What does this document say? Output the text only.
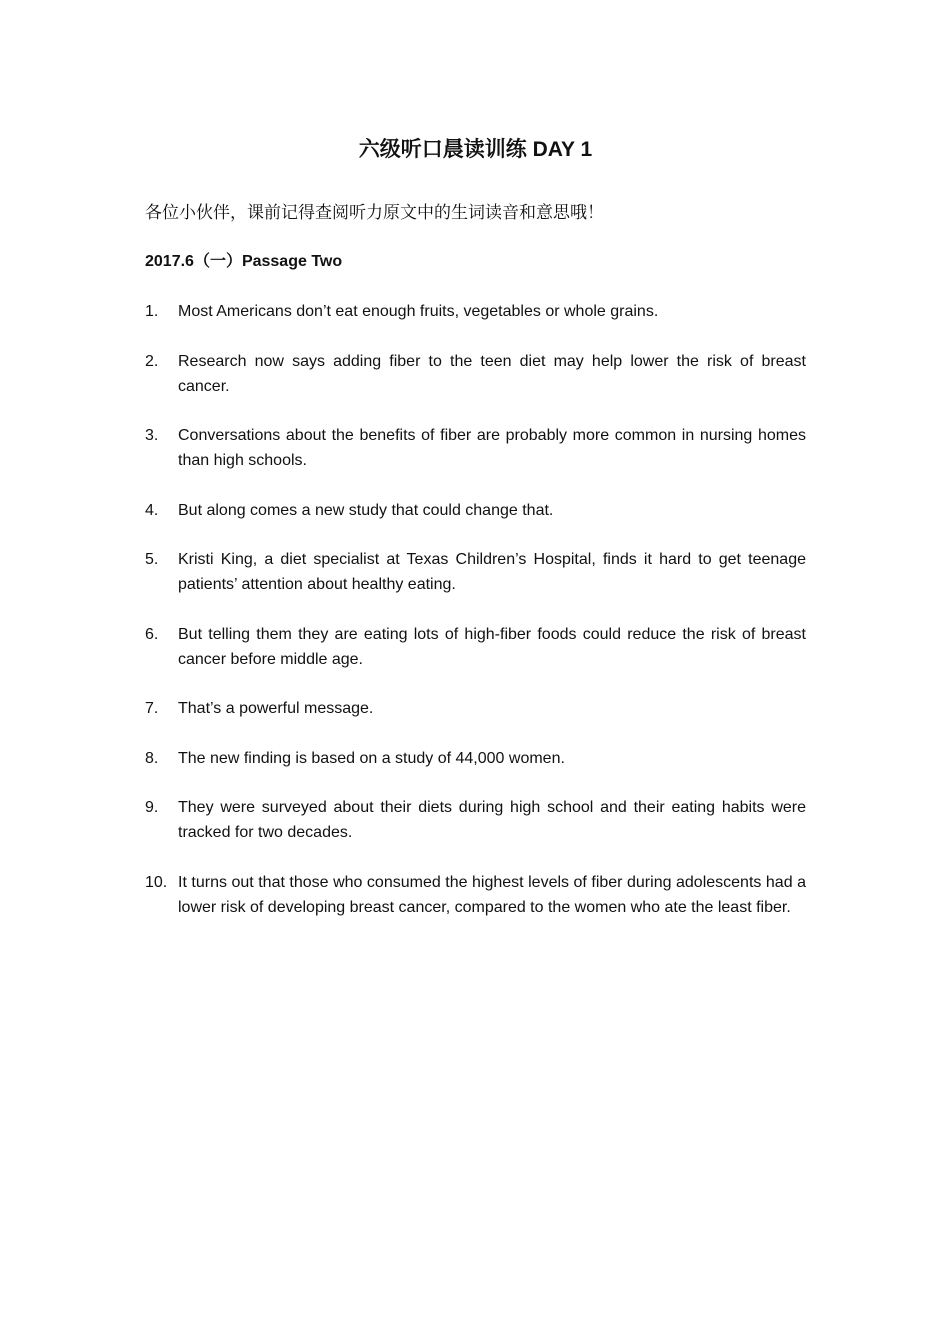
六级听口晨读训练 DAY 1

各位小伙伴，课前记得查阅听力原文中的生词读音和意思哦！

2017.6（一）Passage Two

1. Most Americans don’t eat enough fruits, vegetables or whole grains.
2. Research now says adding fiber to the teen diet may help lower the risk of breast cancer.
3. Conversations about the benefits of fiber are probably more common in nursing homes than high schools.
4. But along comes a new study that could change that.
5. Kristi King, a diet specialist at Texas Children’s Hospital, finds it hard to get teenage patients’ attention about healthy eating.
6. But telling them they are eating lots of high-fiber foods could reduce the risk of breast cancer before middle age.
7. That’s a powerful message.
8. The new finding is based on a study of 44,000 women.
9. They were surveyed about their diets during high school and their eating habits were tracked for two decades.
10. It turns out that those who consumed the highest levels of fiber during adolescents had a lower risk of developing breast cancer, compared to the women who ate the least fiber.
